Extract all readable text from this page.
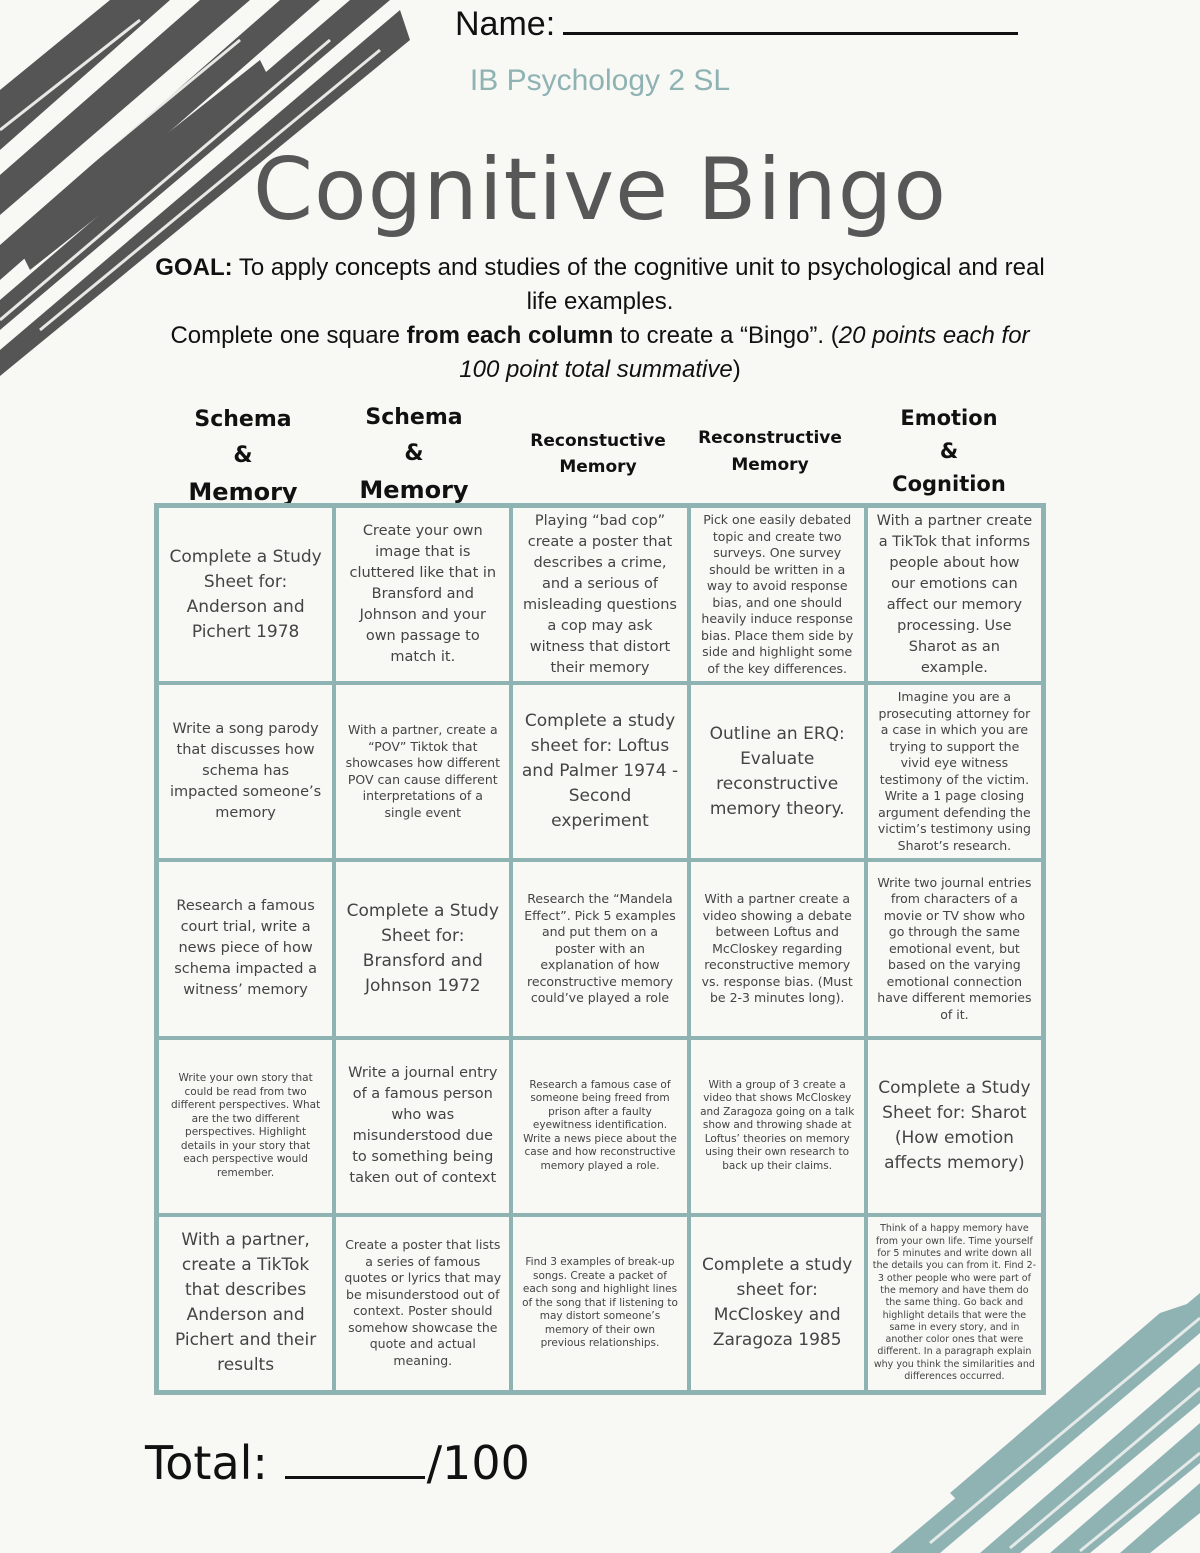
Name:
IB Psychology 2 SL
Cognitive Bingo
GOAL: To apply concepts and studies of the cognitive unit to psychological and real life examples.
Complete one square from each column to create a “Bingo”. (20 points each for 100 point total summative)
Schema
&
Memory
Schema
&
Memory
Reconstuctive
Memory
Reconstructive
Memory
Emotion
&
Cognition
Complete a Study Sheet for: Anderson and Pichert 1978
Create your own image that is cluttered like that in Bransford and Johnson and your own passage to match it.
Playing “bad cop” create a poster that describes a crime, and a serious of misleading questions a cop may ask witness that distort their memory
Pick one easily debated topic and create two surveys. One survey should be written in a way to avoid response bias, and one should heavily induce response bias. Place them side by side and highlight some of the key differences.
With a partner create a TikTok that informs people about how our emotions can affect our memory processing. Use Sharot as an example.
Write a song parody that discusses how schema has impacted someone’s memory
With a partner, create a “POV” Tiktok that showcases how different POV can cause different interpretations of a single event
Complete a study sheet for: Loftus and Palmer 1974 - Second experiment
Outline an ERQ: Evaluate reconstructive memory theory.
Imagine you are a prosecuting attorney for a case in which you are trying to support the vivid eye witness testimony of the victim. Write a 1 page closing argument defending the victim’s testimony using Sharot’s research.
Research a famous court trial, write a news piece of how schema impacted a witness’ memory
Complete a Study Sheet for: Bransford and Johnson 1972
Research the “Mandela Effect”. Pick 5 examples and put them on a poster with an explanation of how reconstructive memory could’ve played a role
With a partner create a video showing a debate between Loftus and McCloskey regarding reconstructive memory vs. response bias. (Must be 2-3 minutes long).
Write two journal entries from characters of a movie or TV show who go through the same emotional event, but based on the varying emotional connection have different memories of it.
Write your own story that could be read from two different perspectives. What are the two different perspectives. Highlight details in your story that each perspective would remember.
Write a journal entry of a famous person who was misunderstood due to something being taken out of context
Research a famous case of someone being freed from prison after a faulty eyewitness identification. Write a news piece about the case and how reconstructive memory played a role.
With a group of 3 create a video that shows McCloskey and Zaragoza going on a talk show and throwing shade at Loftus’ theories on memory using their own research to back up their claims.
Complete a Study Sheet for: Sharot (How emotion affects memory)
With a partner, create a TikTok that describes Anderson and Pichert and their results
Create a poster that lists a series of famous quotes or lyrics that may be misunderstood out of context. Poster should somehow showcase the quote and actual meaning.
Find 3 examples of break-up songs. Create a packet of each song and highlight lines of the song that if listening to may distort someone’s memory of their own previous relationships.
Complete a study sheet for: McCloskey and Zaragoza 1985
Think of a happy memory have from your own life. Time yourself for 5 minutes and write down all the details you can from it. Find 2-3 other people who were part of the memory and have them do the same thing. Go back and highlight details that were the same in every story, and in another color ones that were different. In a paragraph explain why you think the similarities and differences occurred.
Total:	/100
